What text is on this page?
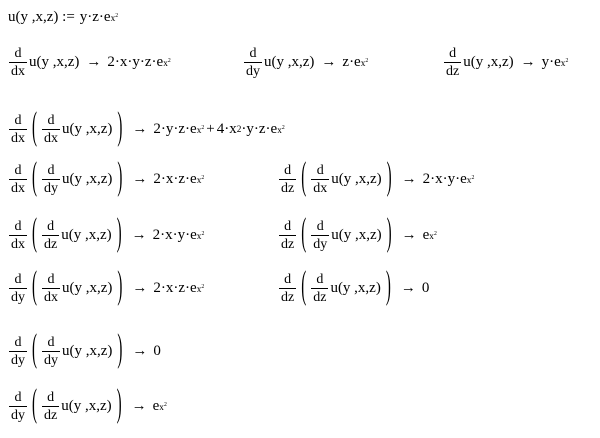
u(y ,x,z) := y·z·e $x^2$
$\frac{d}{dx} u(y$ ,x,z) → 2·x·y·z·e $x^2$	$\frac{d}{dy} u(y$ ,x,z) → z·e $x^2$	$\frac{d}{dz} u(y$ ,x,z) → y·e $x^2$
$\frac{d}{dx}$ ( $\frac{d}{dx} u(y$ ,x,z) ) → 2·y·z·e $x^2 + 4\cdot x$ 2 ·y·z·e $x^2$
$\frac{d}{dx}$ ( $\frac{d}{dy} u(y$ ,x,z) ) → 2·x·z·e $x^2$	$\frac{d}{dz}$ ( $\frac{d}{dx} u(y$ ,x,z) ) → 2·x·y·e $x^2$
$\frac{d}{dx}$ ( $\frac{d}{dz} u(y$ ,x,z) ) → 2·x·y·e $x^2$	$\frac{d}{dz}$ ( $\frac{d}{dy} u(y$ ,x,z) ) → e $x^2$
$\frac{d}{dy}$ ( $\frac{d}{dx} u(y$ ,x,z) ) → 2·x·z·e $x^2$	$\frac{d}{dz}$ ( $\frac{d}{dz} u(y$ ,x,z) ) → 0
$\frac{d}{dy}$ ( $\frac{d}{dy} u(y$ ,x,z) ) → 0
$\frac{d}{dy}$ ( $\frac{d}{dz} u(y$ ,x,z) ) → e $x^2$
